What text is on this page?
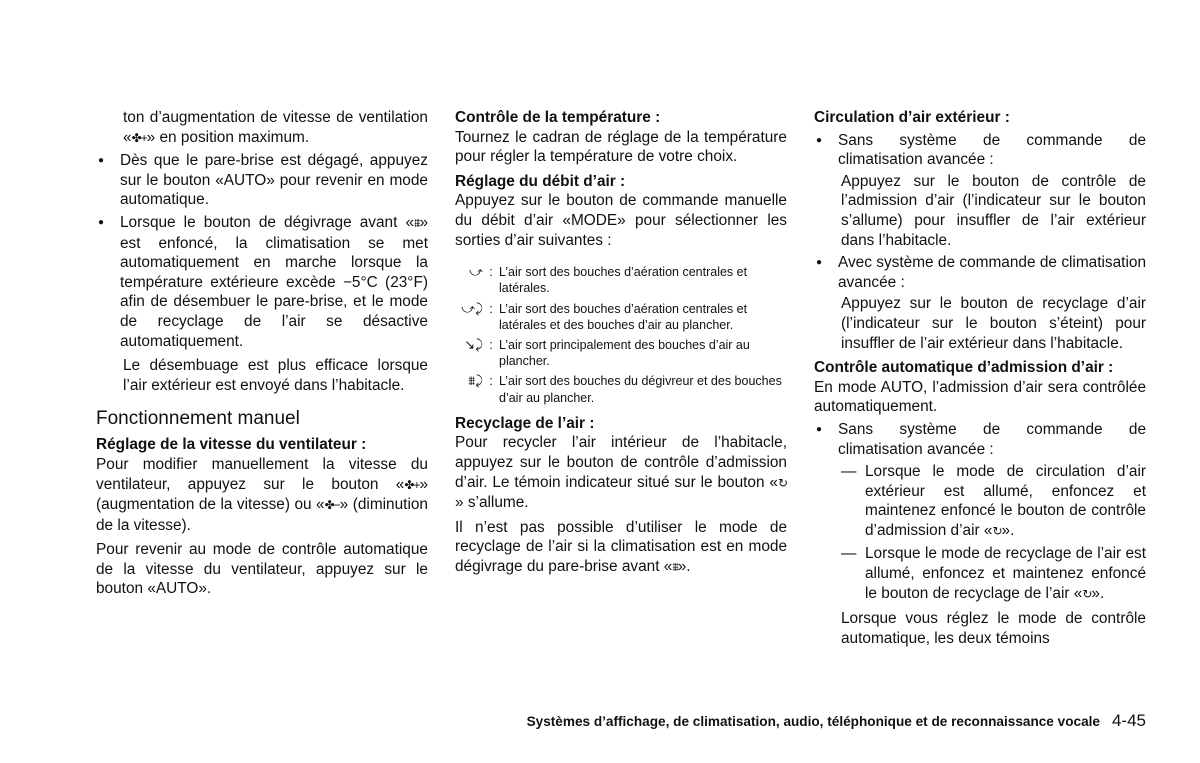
ton d’augmentation de vitesse de ventilation «✤+» en position maximum.

● Dès que le pare-brise est dégagé, appuyez sur le bouton «AUTO» pour revenir en mode automatique.

● Lorsque le bouton de dégivrage avant «⩩» est enfoncé, la climatisation se met automatiquement en marche lorsque la température extérieure excède −5°C (23°F) afin de désembuer le pare-brise, et le mode de recyclage de l’air se désactive automatiquement.

Le désembuage est plus efficace lorsque l’air extérieur est envoyé dans l’habitacle.

Fonctionnement manuel

Réglage de la vitesse du ventilateur :

Pour modifier manuellement la vitesse du ventilateur, appuyez sur le bouton «✤+» (augmentation de la vitesse) ou «✤−» (diminution de la vitesse).

Pour revenir au mode de contrôle automatique de la vitesse du ventilateur, appuyez sur le bouton «AUTO».

Contrôle de la température :

Tournez le cadran de réglage de la température pour régler la température de votre choix.

Réglage du débit d’air :

Appuyez sur le bouton de commande manuelle du débit d’air «MODE» pour sélectionner les sorties d’air suivantes :

⤻ : L’air sort des bouches d’aération centrales et latérales.
⤻⤸ : L’air sort des bouches d’aération centrales et latérales et des bouches d’air au plancher.
↘⤸ : L’air sort principalement des bouches d’air au plancher.
⩩⤸ : L’air sort des bouches du dégivreur et des bouches d’air au plancher.

Recyclage de l’air :

Pour recycler l’air intérieur de l’habitacle, appuyez sur le bouton de contrôle d’admission d’air. Le témoin indicateur situé sur le bouton «↻» s’allume.

Il n’est pas possible d’utiliser le mode de recyclage de l’air si la climatisation est en mode dégivrage du pare-brise avant «⩩».

Circulation d’air extérieur :

● Sans système de commande de climatisation avancée :

Appuyez sur le bouton de contrôle de l’admission d’air (l’indicateur sur le bouton s’allume) pour insuffler de l’air extérieur dans l’habitacle.

● Avec système de commande de climatisation avancée :

Appuyez sur le bouton de recyclage d’air (l’indicateur sur le bouton s’éteint) pour insuffler de l’air extérieur dans l’habitacle.

Contrôle automatique d’admission d’air :

En mode AUTO, l’admission d’air sera contrôlée automatiquement.

● Sans système de commande de climatisation avancée :

— Lorsque le mode de circulation d’air extérieur est allumé, enfoncez et maintenez enfoncé le bouton de contrôle d’admission d’air «↻».

— Lorsque le mode de recyclage de l’air est allumé, enfoncez et maintenez enfoncé le bouton de recyclage de l’air «↻».

Lorsque vous réglez le mode de contrôle automatique, les deux témoins

Systèmes d’affichage, de climatisation, audio, téléphonique et de reconnaissance vocale 4-45
